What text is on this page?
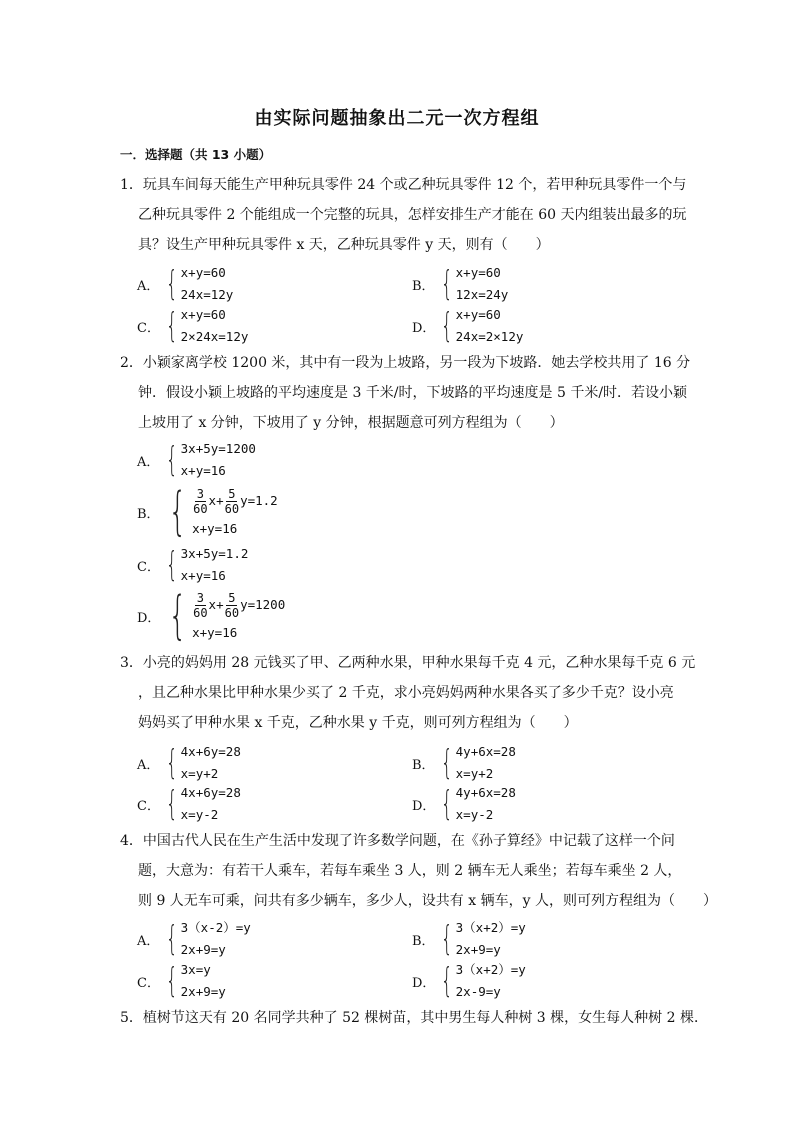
由实际问题抽象出二元一次方程组
一．选择题（共 13 小题）
1．玩具车间每天能生产甲种玩具零件 24 个或乙种玩具零件 12 个，若甲种玩具零件一个与
乙种玩具零件 2 个能组成一个完整的玩具，怎样安排生产才能在 60 天内组装出最多的玩
具？设生产甲种玩具零件 x 天，乙种玩具零件 y 天，则有（　　）
A． { x+y=60
24x=12y
B． { x+y=60
12x=24y
C． { x+y=60
2×24x=12y
D． { x+y=60
24x=2×12y
2．小颖家离学校 1200 米，其中有一段为上坡路，另一段为下坡路．她去学校共用了 16 分
钟．假设小颖上坡路的平均速度是 3 千米/时，下坡路的平均速度是 5 千米/时．若设小颖
上坡用了 x 分钟，下坡用了 y 分钟，根据题意可列方程组为（　　）
A． { 3x+5y=1200
x+y=16
B． { $\frac{3}{60} x+ \frac{5}{60} y=1.2$
x+y=16
C． { 3x+5y=1.2
x+y=16
D． { $\frac{3}{60} x+ \frac{5}{60} y=1200$
x+y=16
3．小亮的妈妈用 28 元钱买了甲、乙两种水果，甲种水果每千克 4 元，乙种水果每千克 6 元
，且乙种水果比甲种水果少买了 2 千克，求小亮妈妈两种水果各买了多少千克？设小亮
妈妈买了甲种水果 x 千克，乙种水果 y 千克，则可列方程组为（　　）
A． { 4x+6y=28
x=y+2
B． { 4y+6x=28
x=y+2
C． { 4x+6y=28
x=y-2
D． { 4y+6x=28
x=y-2
4．中国古代人民在生产生活中发现了许多数学问题，在《孙子算经》中记载了这样一个问
题，大意为：有若干人乘车，若每车乘坐 3 人，则 2 辆车无人乘坐；若每车乘坐 2 人，
则 9 人无车可乘，问共有多少辆车，多少人，设共有 x 辆车，y 人，则可列方程组为（　　）
A． { 3（x-2）=y
2x+9=y
B． { 3（x+2）=y
2x+9=y
C． { 3x=y
2x+9=y
D． { 3（x+2）=y
2x-9=y
5．植树节这天有 20 名同学共种了 52 棵树苗，其中男生每人种树 3 棵，女生每人种树 2 棵．
